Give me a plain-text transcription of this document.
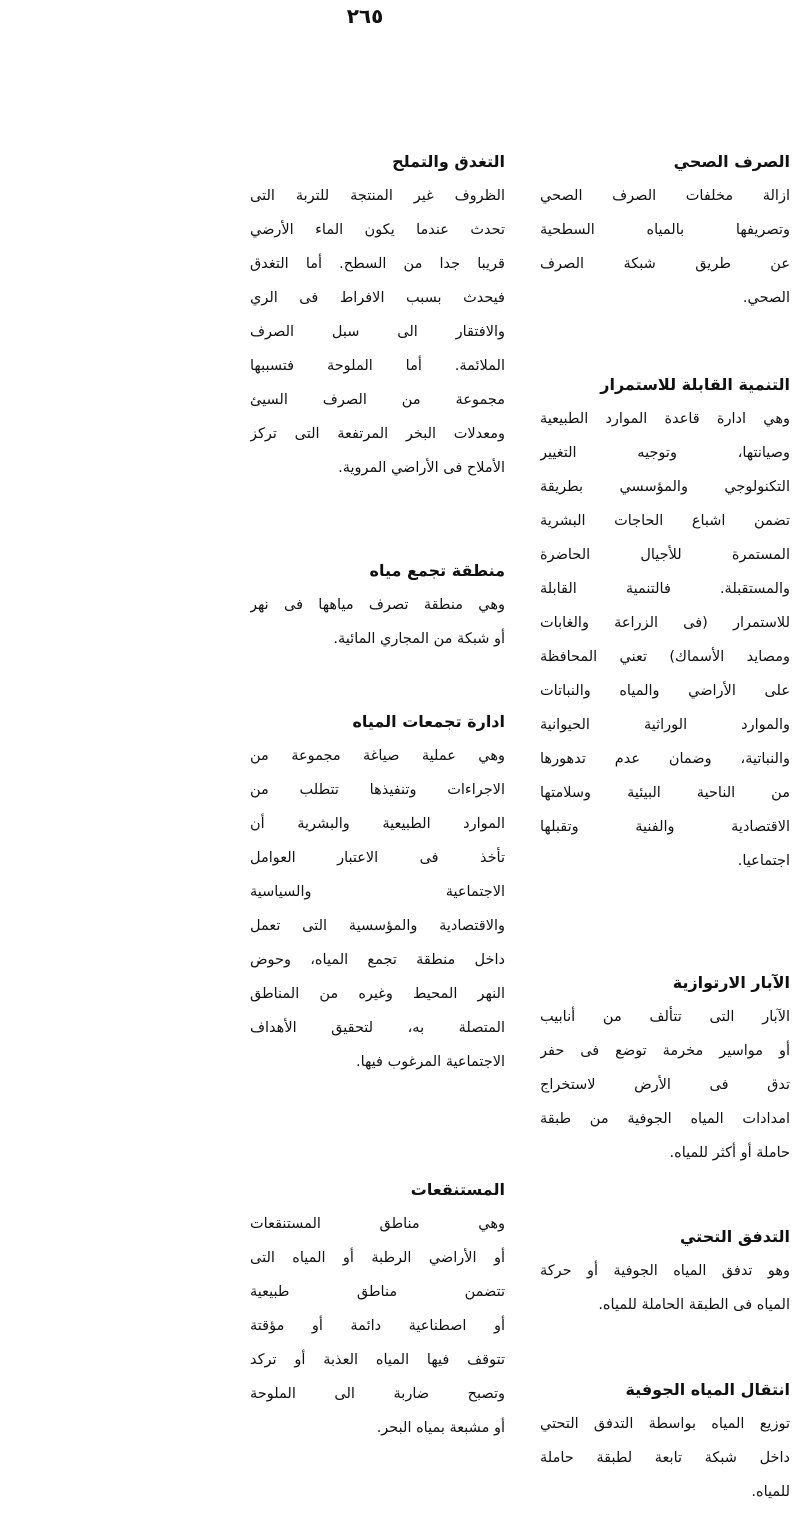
٢٦٥
الصرف الصحي
ازالة مخلفات الصرف الصحي
وتصريفها بالمياه السطحية
عن طريق شبكة الصرف
الصحي.
التنمية القابلة للاستمرار
وهي ادارة قاعدة الموارد الطبيعية
وصيانتها، وتوجيه التغيير
التكنولوجي والمؤسسي بطريقة
تضمن اشباع الحاجات البشرية
المستمرة للأجيال الحاضرة
والمستقبلة. فالتنمية القابلة
للاستمرار (فى الزراعة والغابات
ومصايد الأسماك) تعني المحافظة
على الأراضي والمياه والنباتات
والموارد الوراثية الحيوانية
والنباتية، وضمان عدم تدهورها
من الناحية البيئية وسلامتها
الاقتصادية والفنية وتقبلها
اجتماعيا.
الآبار الارتوازية
الآبار التى تتألف من أنابيب
أو مواسير مخرمة توضع فى حفر
تدق فى الأرض لاستخراج
امدادات المياه الجوفية من طبقة
حاملة أو أكثر للمياه.
التدفق التحتي
وهو تدفق المياه الجوفية أو حركة
المياه فى الطبقة الحاملة للمياه.
انتقال المياه الجوفية
توزيع المياه بواسطة التدفق التحتي
داخل شبكة تابعة لطبقة حاملة
للمياه.
التغدق والتملح
الظروف غير المنتجة للتربة التى
تحدث عندما يكون الماء الأرضي
قريبا جدا من السطح. أما التغدق
فيحدث بسبب الافراط فى الري
والافتقار الى سبل الصرف
الملائمة. أما الملوحة فتسببها
مجموعة من الصرف السيئ
ومعدلات البخر المرتفعة التى تركز
الأملاح فى الأراضي المروية.
منطقة تجمع مياه
وهي منطقة تصرف مياهها فى نهر
أو شبكة من المجاري المائية.
ادارة تجمعات المياه
وهي عملية صياغة مجموعة من
الاجراءات وتنفيذها تتطلب من
الموارد الطبيعية والبشرية أن
تأخذ فى الاعتبار العوامل
الاجتماعية والسياسية
والاقتصادية والمؤسسية التى تعمل
داخل منطقة تجمع المياه، وحوض
النهر المحيط وغيره من المناطق
المتصلة به، لتحقيق الأهداف
الاجتماعية المرغوب فيها.
المستنقعات
وهي مناطق المستنقعات
أو الأراضي الرطبة أو المياه التى
تتضمن مناطق طبيعية
أو اصطناعية دائمة أو مؤقتة
تتوقف فيها المياه العذبة أو تركد
وتصبح ضاربة الى الملوحة
أو مشبعة بمياه البحر.
